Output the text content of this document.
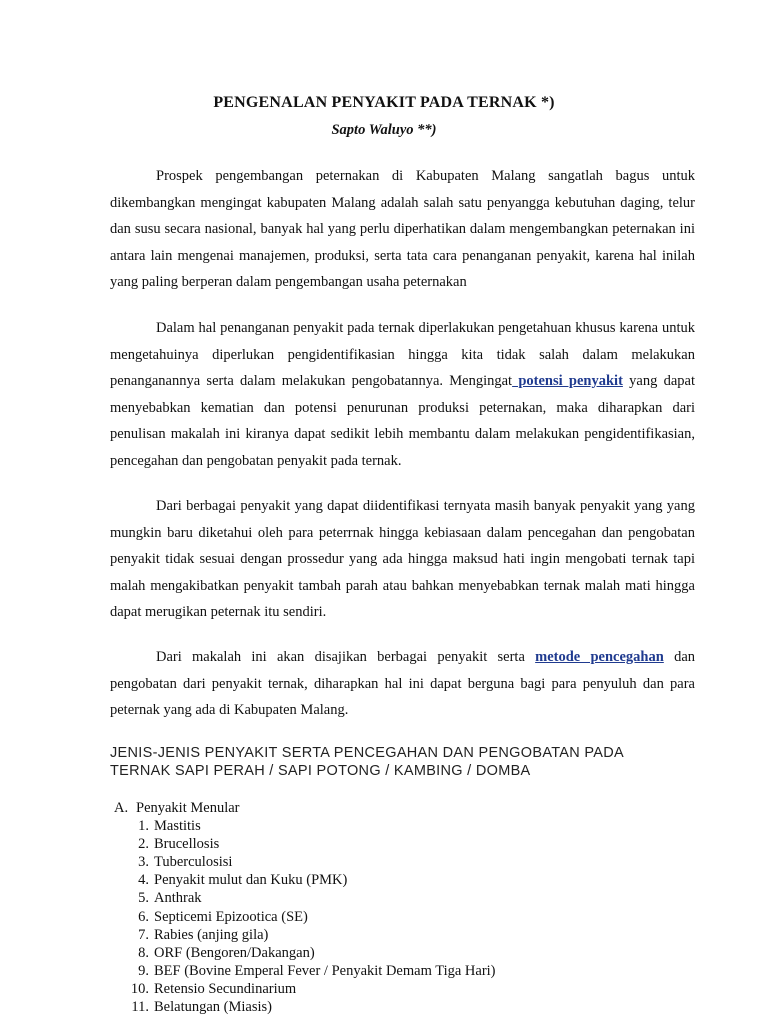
PENGENALAN PENYAKIT PADA TERNAK *)
Sapto Waluyo **)

Prospek pengembangan peternakan di Kabupaten Malang sangatlah bagus untuk dikembangkan mengingat kabupaten Malang adalah salah satu penyangga kebutuhan daging, telur dan susu secara nasional, banyak hal yang perlu diperhatikan dalam mengembangkan peternakan ini antara lain mengenai manajemen, produksi, serta tata cara penanganan penyakit, karena hal inilah yang paling berperan dalam pengembangan usaha peternakan

Dalam hal penanganan penyakit pada ternak diperlakukan pengetahuan khusus karena untuk mengetahuinya diperlukan pengidentifikasian hingga kita tidak salah dalam melakukan penanganannya serta dalam melakukan pengobatannya. Mengingat potensi penyakit yang dapat menyebabkan kematian dan potensi penurunan produksi peternakan, maka diharapkan dari penulisan makalah ini kiranya dapat sedikit lebih membantu dalam melakukan pengidentifikasian, pencegahan dan pengobatan penyakit pada ternak.

Dari berbagai penyakit yang dapat diidentifikasi ternyata masih banyak penyakit yang yang mungkin baru diketahui oleh para peterrnak hingga kebiasaan dalam pencegahan dan pengobatan penyakit tidak sesuai dengan prossedur yang ada hingga maksud hati ingin mengobati ternak tapi malah mengakibatkan penyakit tambah parah atau bahkan menyebabkan ternak malah mati hingga dapat merugikan peternak itu sendiri.

Dari makalah ini akan disajikan berbagai penyakit serta metode pencegahan dan pengobatan dari penyakit ternak, diharapkan hal ini dapat berguna bagi para penyuluh dan para peternak yang ada di Kabupaten Malang.

JENIS-JENIS PENYAKIT SERTA PENCEGAHAN DAN PENGOBATAN PADA
TERNAK SAPI PERAH / SAPI POTONG / KAMBING / DOMBA
A. Penyakit Menular
1. Mastitis
2. Brucellosis
3. Tuberculosisi
4. Penyakit mulut dan Kuku (PMK)
5. Anthrak
6. Septicemi Epizootica (SE)
7. Rabies (anjing gila)
8. ORF (Bengoren/Dakangan)
9. BEF (Bovine Emperal Fever / Penyakit Demam Tiga Hari)
10. Retensio Secundinarium
11. Belatungan (Miasis)
